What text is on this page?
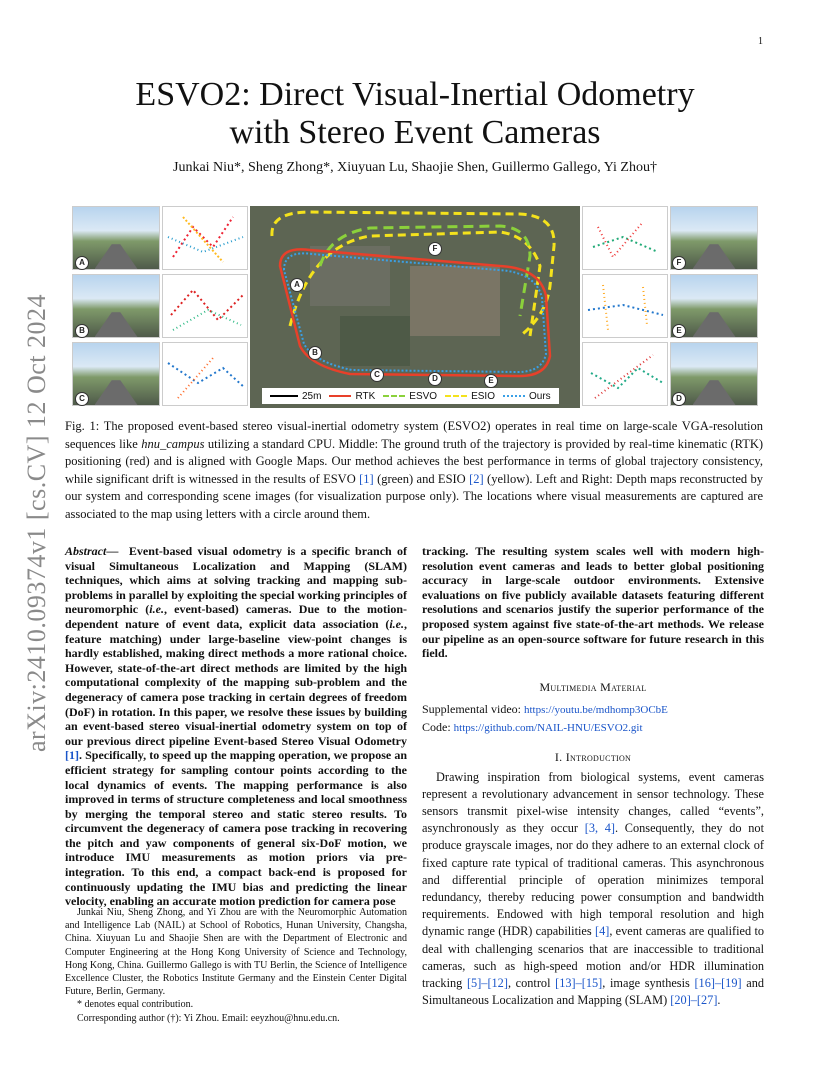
1
arXiv:2410.09374v1 [cs.CV] 12 Oct 2024
ESVO2: Direct Visual-Inertial Odometry
with Stereo Event Cameras
Junkai Niu*, Sheng Zhong*, Xiuyuan Lu, Shaojie Shen, Guillermo Gallego, Yi Zhou†
A
B
C
F
A
B
C	D	E
25m	RTK	ESVO	ESIO	Ours
F
E
D
Fig. 1: The proposed event-based stereo visual-inertial odometry system (ESVO2) operates in real time on large-scale VGA-resolution sequences like hnu_campus utilizing a standard CPU. Middle: The ground truth of the trajectory is provided by real-time kinematic (RTK) positioning (red) and is aligned with Google Maps. Our method achieves the best performance in terms of global trajectory consistency, while significant drift is witnessed in the results of ESVO [1] (green) and ESIO [2] (yellow). Left and Right: Depth maps reconstructed by our system and corresponding scene images (for visualization purpose only). The locations where visual measurements are captured are associated to the map using letters with a circle around them.
Abstract—  Event-based visual odometry is a specific branch of visual Simultaneous Localization and Mapping (SLAM) techniques, which aims at solving tracking and mapping sub-problems in parallel by exploiting the special working principles of neuromorphic (i.e., event-based) cameras. Due to the motion-dependent nature of event data, explicit data association (i.e., feature matching) under large-baseline view-point changes is hardly established, making direct methods a more rational choice. However, state-of-the-art direct methods are limited by the high computational complexity of the mapping sub-problem and the degeneracy of camera pose tracking in certain degrees of freedom (DoF) in rotation. In this paper, we resolve these issues by building an event-based stereo visual-inertial odometry system on top of our previous direct pipeline Event-based Stereo Visual Odometry [1]. Specifically, to speed up the mapping operation, we propose an efficient strategy for sampling contour points according to the local dynamics of events. The mapping performance is also improved in terms of structure completeness and local smoothness by merging the temporal stereo and static stereo results. To circumvent the degeneracy of camera pose tracking in recovering the pitch and yaw components of general six-DoF motion, we introduce IMU measurements as motion priors via pre-integration. To this end, a compact back-end is proposed for continuously updating the IMU bias and predicting the linear velocity, enabling an accurate motion prediction for camera pose

Junkai Niu, Sheng Zhong, and Yi Zhou are with the Neuromorphic Automation and Intelligence Lab (NAIL) at School of Robotics, Hunan University, Changsha, China. Xiuyuan Lu and Shaojie Shen are with the Department of Electronic and Computer Engineering at the Hong Kong University of Science and Technology, Hong Kong, China. Guillermo Gallego is with TU Berlin, the Science of Intelligence Excellence Cluster, the Robotics Institute Germany and the Einstein Center Digital Future, Berlin, Germany.

* denotes equal contribution.

Corresponding author (†): Yi Zhou. Email: eeyzhou@hnu.edu.cn.

tracking. The resulting system scales well with modern high-resolution event cameras and leads to better global positioning accuracy in large-scale outdoor environments. Extensive evaluations on five publicly available datasets featuring different resolutions and scenarios justify the superior performance of the proposed system against five state-of-the-art methods. We release our pipeline as an open-source software for future research in this field.
Multimedia Material
Supplemental video: https://youtu.be/mdhomp3OCbE
Code: https://github.com/NAIL-HNU/ESVO2.git
I. Introduction

Drawing inspiration from biological systems, event cameras represent a revolutionary advancement in sensor technology. These sensors transmit pixel-wise intensity changes, called “events”, asynchronously as they occur [3, 4]. Consequently, they do not produce grayscale images, nor do they adhere to an external clock of fixed capture rate typical of traditional cameras. This asynchronous and differential principle of operation minimizes temporal redundancy, thereby reducing power consumption and bandwidth requirements. Endowed with high temporal resolution and high dynamic range (HDR) capabilities [4], event cameras are qualified to deal with challenging scenarios that are inaccessible to traditional cameras, such as high-speed motion and/or HDR illumination tracking [5]–[12], control [13]–[15], image synthesis [16]–[19] and Simultaneous Localization and Mapping (SLAM) [20]–[27].
